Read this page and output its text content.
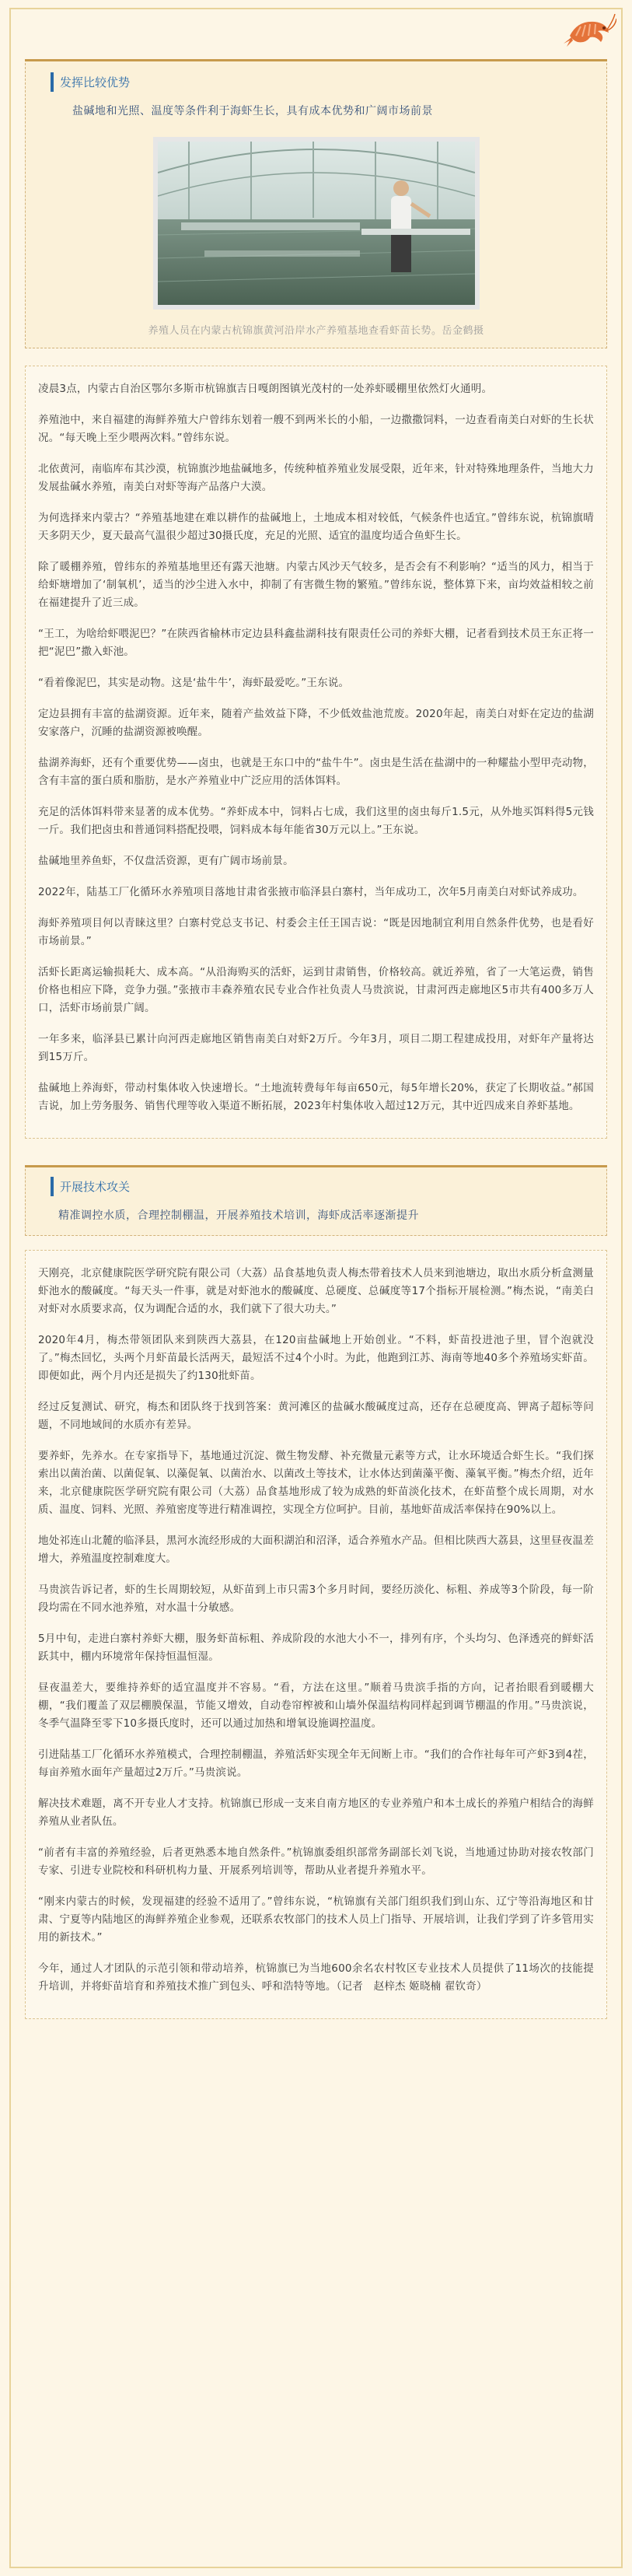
发挥比较优势
盐碱地和光照、温度等条件利于海虾生长，具有成本优势和广阔市场前景
养殖人员在内蒙古杭锦旗黄河沿岸水产养殖基地查看虾苗长势。岳金鹤摄

凌晨3点，内蒙古自治区鄂尔多斯市杭锦旗吉日嘎朗图镇光茂村的一处养虾暖棚里依然灯火通明。

养殖池中，来自福建的海鲜养殖大户曾纬东划着一艘不到两米长的小船，一边撒撒饲料，一边查看南美白对虾的生长状况。“每天晚上至少喂两次料。”曾纬东说。

北依黄河，南临库布其沙漠，杭锦旗沙地盐碱地多，传统种植养殖业发展受限，近年来，针对特殊地理条件，当地大力发展盐碱水养殖，南美白对虾等海产品落户大漠。

为何选择来内蒙古？“养殖基地建在难以耕作的盐碱地上，土地成本相对较低，气候条件也适宜。”曾纬东说，杭锦旗晴天多阴天少，夏天最高气温很少超过30摄氏度，充足的光照、适宜的温度均适合鱼虾生长。

除了暖棚养殖，曾纬东的养殖基地里还有露天池塘。内蒙古风沙天气较多，是否会有不利影响？“适当的风力，相当于给虾塘增加了‘制氧机’，适当的沙尘进入水中，抑制了有害微生物的繁殖。”曾纬东说，整体算下来，亩均效益相较之前在福建提升了近三成。

“王工，为啥给虾喂泥巴？”在陕西省榆林市定边县科鑫盐湖科技有限责任公司的养虾大棚，记者看到技术员王东正将一把“泥巴”撒入虾池。

“看着像泥巴，其实是动物。这是‘盐牛牛’，海虾最爱吃。”王东说。

定边县拥有丰富的盐湖资源。近年来，随着产盐效益下降，不少低效盐池荒废。2020年起，南美白对虾在定边的盐湖安家落户，沉睡的盐湖资源被唤醒。

盐湖养海虾，还有个重要优势——卤虫，也就是王东口中的“盐牛牛”。卤虫是生活在盐湖中的一种耀盐小型甲壳动物，含有丰富的蛋白质和脂肪，是水产养殖业中广泛应用的活体饵料。

充足的活体饵料带来显著的成本优势。“养虾成本中，饲料占七成，我们这里的卤虫每斤1.5元，从外地买饵料得5元钱一斤。我们把卤虫和普通饲料搭配投喂，饲料成本每年能省30万元以上。”王东说。

盐碱地里养鱼虾，不仅盘活资源，更有广阔市场前景。

2022年，陆基工厂化循环水养殖项目落地甘肃省张掖市临泽县白寨村，当年成功工，次年5月南美白对虾试养成功。

海虾养殖项目何以青睐这里？白寨村党总支书记、村委会主任王国吉说：“既是因地制宜利用自然条件优势，也是看好市场前景。”

活虾长距离运输损耗大、成本高。“从沿海购买的活虾，运到甘肃销售，价格较高。就近养殖，省了一大笔运费，销售价格也相应下降，竞争力强。”张掖市丰森养殖农民专业合作社负责人马贵滨说，甘肃河西走廊地区5市共有400多万人口，活虾市场前景广阔。

一年多来，临泽县已累计向河西走廊地区销售南美白对虾2万斤。今年3月，项目二期工程建成投用，对虾年产量将达到15万斤。

盐碱地上养海虾，带动村集体收入快速增长。“土地流转费每年每亩650元，每5年增长20%，获定了长期收益。”郝国吉说，加上劳务服务、销售代理等收入渠道不断拓展，2023年村集体收入超过12万元，其中近四成来自养虾基地。

开展技术攻关
精准调控水质，合理控制棚温，开展养殖技术培训，海虾成活率逐渐提升

天刚亮，北京健康院医学研究院有限公司（大荔）品食基地负责人梅杰带着技术人员来到池塘边，取出水质分析盒测量虾池水的酸碱度。“每天头一件事，就是对虾池水的酸碱度、总硬度、总碱度等17个指标开展检测。”梅杰说，“南美白对虾对水质要求高，仅为调配合适的水，我们就下了很大功夫。”

2020年4月，梅杰带领团队来到陕西大荔县，在120亩盐碱地上开始创业。“不料，虾苗投进池子里，冒个泡就没了。”梅杰回忆，头两个月虾苗最长活两天，最短活不过4个小时。为此，他跑到江苏、海南等地40多个养殖场实虾苗。即便如此，两个月内还是损失了约130批虾苗。

经过反复测试、研究，梅杰和团队终于找到答案：黄河滩区的盐碱水酸碱度过高，还存在总硬度高、钾离子超标等问题，不同地域间的水质亦有差异。

要养虾，先养水。在专家指导下，基地通过沉淀、微生物发酵、补充微量元素等方式，让水环境适合虾生长。“我们探索出以菌治菌、以菌促氧、以藻促氧、以菌治水、以菌改土等技术，让水体达到菌藻平衡、藻氧平衡。”梅杰介绍，近年来，北京健康院医学研究院有限公司（大荔）品食基地形成了较为成熟的虾苗淡化技术，在虾苗整个成长周期，对水质、温度、饲料、光照、养殖密度等进行精准调控，实现全方位呵护。目前，基地虾苗成活率保持在90%以上。

地处祁连山北麓的临泽县，黑河水流经形成的大面积湖泊和沼泽，适合养殖水产品。但相比陕西大荔县，这里昼夜温差增大，养殖温度控制难度大。

马贵滨告诉记者，虾的生长周期较短，从虾苗到上市只需3个多月时间，要经历淡化、标粗、养成等3个阶段，每一阶段均需在不同水池养殖，对水温十分敏感。

5月中旬，走进白寨村养虾大棚，服务虾苗标粗、养成阶段的水池大小不一，排列有序，个头均匀、色泽透亮的鲜虾活跃其中，棚内环境常年保持恒温恒湿。

昼夜温差大，要维持养虾的适宜温度并不容易。“看，方法在这里。”顺着马贵滨手指的方向，记者抬眼看到暖棚大棚，“我们覆盖了双层棚膜保温，节能又增效，自动卷帘榨被和山墙外保温结构同样起到调节棚温的作用。”马贵滨说，冬季气温降至零下10多摄氏度时，还可以通过加热和增氧设施调控温度。

引进陆基工厂化循环水养殖模式，合理控制棚温，养殖活虾实现全年无间断上市。“我们的合作社每年可产虾3到4茬，每亩养殖水面年产量超过2万斤。”马贵滨说。

解决技术难题，离不开专业人才支持。杭锦旗已形成一支来自南方地区的专业养殖户和本土成长的养殖户相结合的海鲜养殖从业者队伍。

“前者有丰富的养殖经验，后者更熟悉本地自然条件。”杭锦旗委组织部常务副部长刘飞说，当地通过协助对接农牧部门专家、引进专业院校和科研机构力量、开展系列培训等，帮助从业者提升养殖水平。

“刚来内蒙古的时候，发现福建的经验不适用了。”曾纬东说，“杭锦旗有关部门组织我们到山东、辽宁等沿海地区和甘肃、宁夏等内陆地区的海鲜养殖企业参观，还联系农牧部门的技术人员上门指导、开展培训，让我们学到了许多管用实用的新技术。”

今年，通过人才团队的示范引领和带动培养，杭锦旗已为当地600余名农村牧区专业技术人员提供了11场次的技能提升培训，并将虾苗培育和养殖技术推广到包头、呼和浩特等地。（记者　赵梓杰 姬晓楠 翟钦奇）
